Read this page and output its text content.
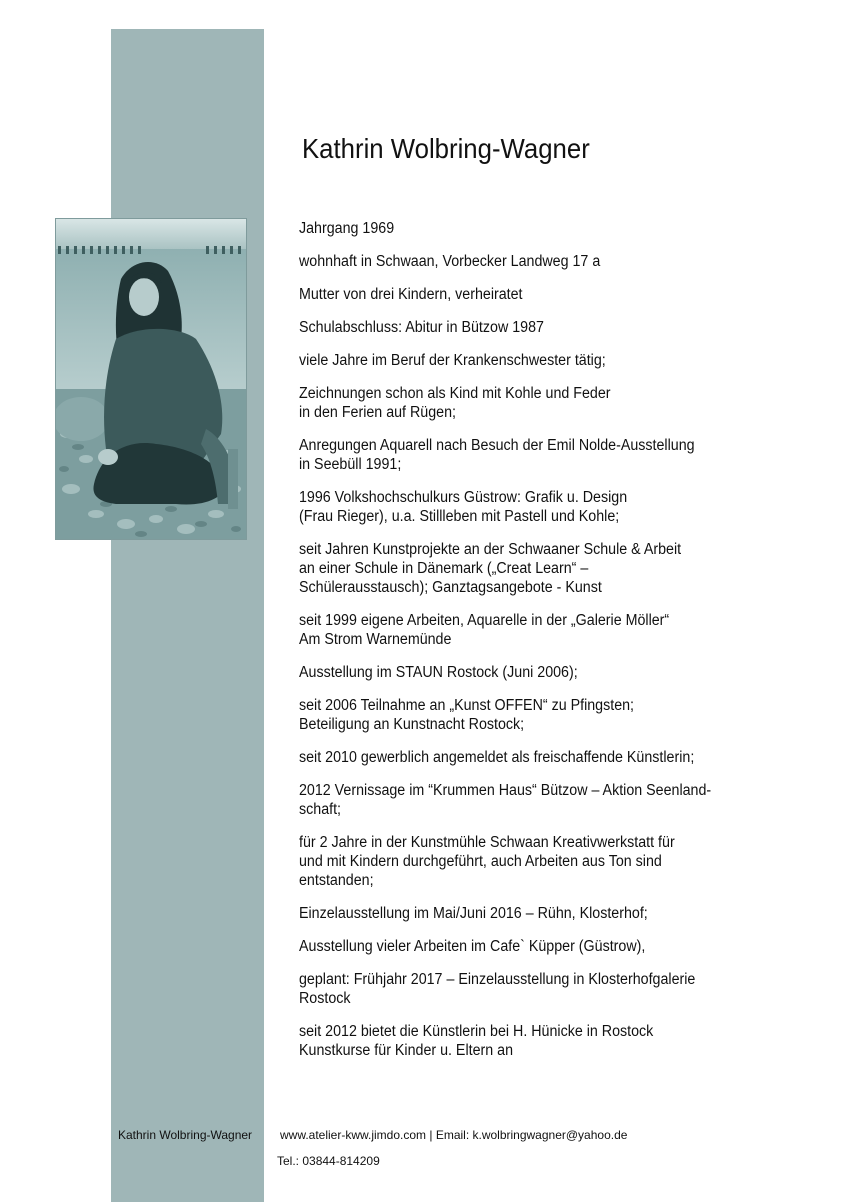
Kathrin Wolbring-Wagner
Jahrgang 1969
wohnhaft in Schwaan, Vorbecker Landweg 17 a
Mutter von drei Kindern, verheiratet
Schulabschluss: Abitur in Bützow 1987
viele Jahre im Beruf der Krankenschwester tätig;
Zeichnungen schon als Kind mit Kohle und Feder
in den Ferien auf Rügen;
Anregungen Aquarell nach Besuch der Emil Nolde-Ausstellung
in Seebüll 1991;
1996 Volkshochschulkurs Güstrow: Grafik u. Design
(Frau Rieger), u.a. Stillleben mit Pastell und Kohle;
seit Jahren Kunstprojekte an der Schwaaner Schule & Arbeit
an einer Schule in Dänemark („Creat Learn“ –
Schülerausstausch); Ganztagsangebote - Kunst
seit 1999 eigene Arbeiten, Aquarelle in der „Galerie Möller“
Am Strom Warnemünde
Ausstellung im STAUN Rostock (Juni 2006);
seit 2006 Teilnahme an „Kunst OFFEN“ zu Pfingsten;
Beteiligung an Kunstnacht Rostock;
seit 2010 gewerblich angemeldet als freischaffende Künstlerin;
2012 Vernissage im “Krummen Haus“ Bützow – Aktion Seenland-
schaft;
für 2 Jahre in der Kunstmühle Schwaan Kreativwerkstatt für
und mit Kindern durchgeführt, auch Arbeiten aus Ton sind
entstanden;
Einzelausstellung im Mai/Juni 2016 – Rühn, Klosterhof;
Ausstellung vieler Arbeiten im Cafe` Küpper (Güstrow),
geplant: Frühjahr 2017 – Einzelausstellung in Klosterhofgalerie
Rostock
seit 2012 bietet die Künstlerin bei H. Hünicke in Rostock
Kunstkurse für Kinder u. Eltern an
Kathrin Wolbring-Wagner www.atelier-kww.jimdo.com | Email: k.wolbringwagner@yahoo.de
Tel.: 03844-814209
